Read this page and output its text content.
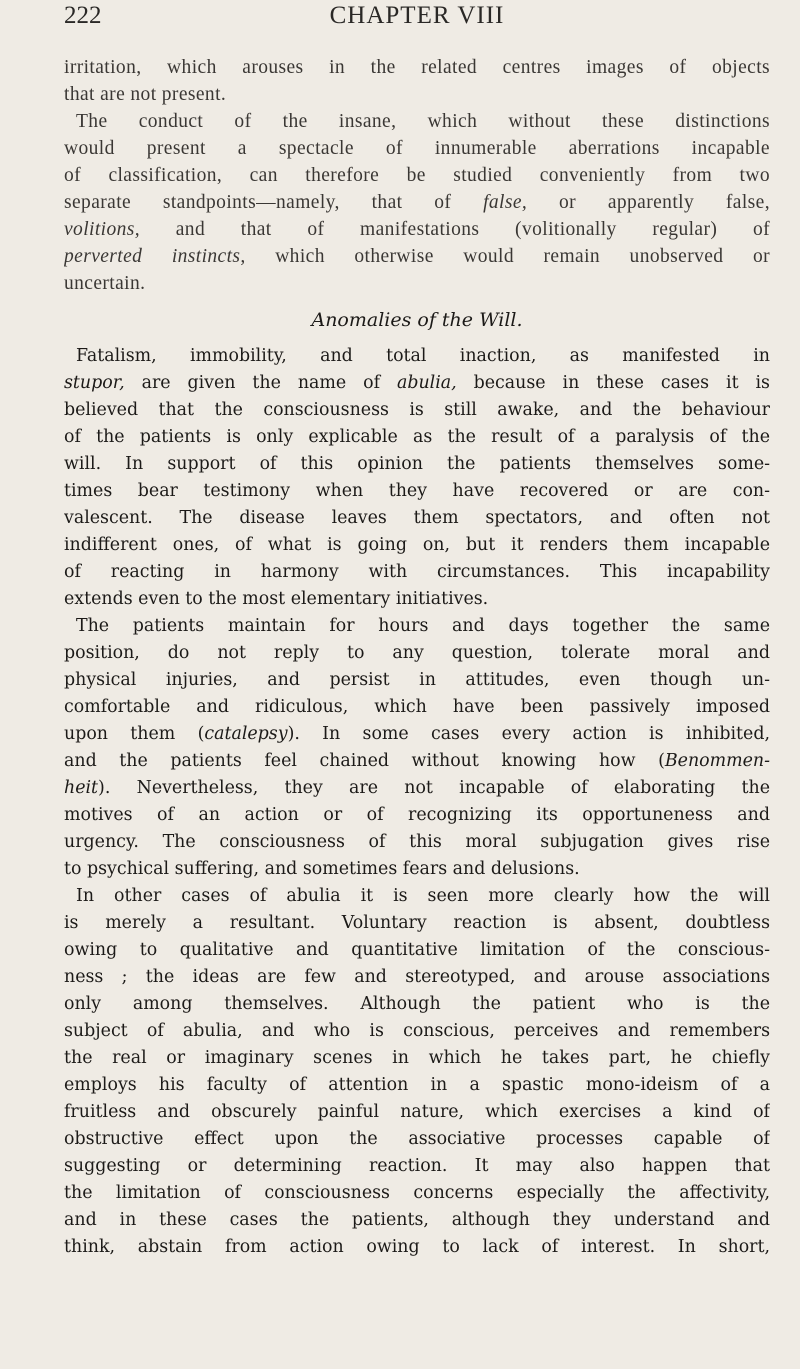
222	CHAPTER VIII
irritation, which arouses in the related centres images of objects
that are not present.
The conduct of the insane, which without these distinctions
would present a spectacle of innumerable aberrations incapable
of classification, can therefore be studied conveniently from two
separate standpoints—namely, that of false, or apparently false,
volitions, and that of manifestations (volitionally regular) of
perverted instincts, which otherwise would remain unobserved or
uncertain.
Anomalies of the Will.
Fatalism, immobility, and total inaction, as manifested in
stupor, are given the name of abulia, because in these cases it is
believed that the consciousness is still awake, and the behaviour
of the patients is only explicable as the result of a paralysis of the
will. In support of this opinion the patients themselves some-
times bear testimony when they have recovered or are con-
valescent. The disease leaves them spectators, and often not
indifferent ones, of what is going on, but it renders them incapable
of reacting in harmony with circumstances. This incapability
extends even to the most elementary initiatives.
The patients maintain for hours and days together the same
position, do not reply to any question, tolerate moral and
physical injuries, and persist in attitudes, even though un-
comfortable and ridiculous, which have been passively imposed
upon them (catalepsy). In some cases every action is inhibited,
and the patients feel chained without knowing how (Benommen-
heit). Nevertheless, they are not incapable of elaborating the
motives of an action or of recognizing its opportuneness and
urgency. The consciousness of this moral subjugation gives rise
to psychical suffering, and sometimes fears and delusions.
In other cases of abulia it is seen more clearly how the will
is merely a resultant. Voluntary reaction is absent, doubtless
owing to qualitative and quantitative limitation of the conscious-
ness ; the ideas are few and stereotyped, and arouse associations
only among themselves. Although the patient who is the
subject of abulia, and who is conscious, perceives and remembers
the real or imaginary scenes in which he takes part, he chiefly
employs his faculty of attention in a spastic mono-ideism of a
fruitless and obscurely painful nature, which exercises a kind of
obstructive effect upon the associative processes capable of
suggesting or determining reaction. It may also happen that
the limitation of consciousness concerns especially the affectivity,
and in these cases the patients, although they understand and
think, abstain from action owing to lack of interest. In short,
